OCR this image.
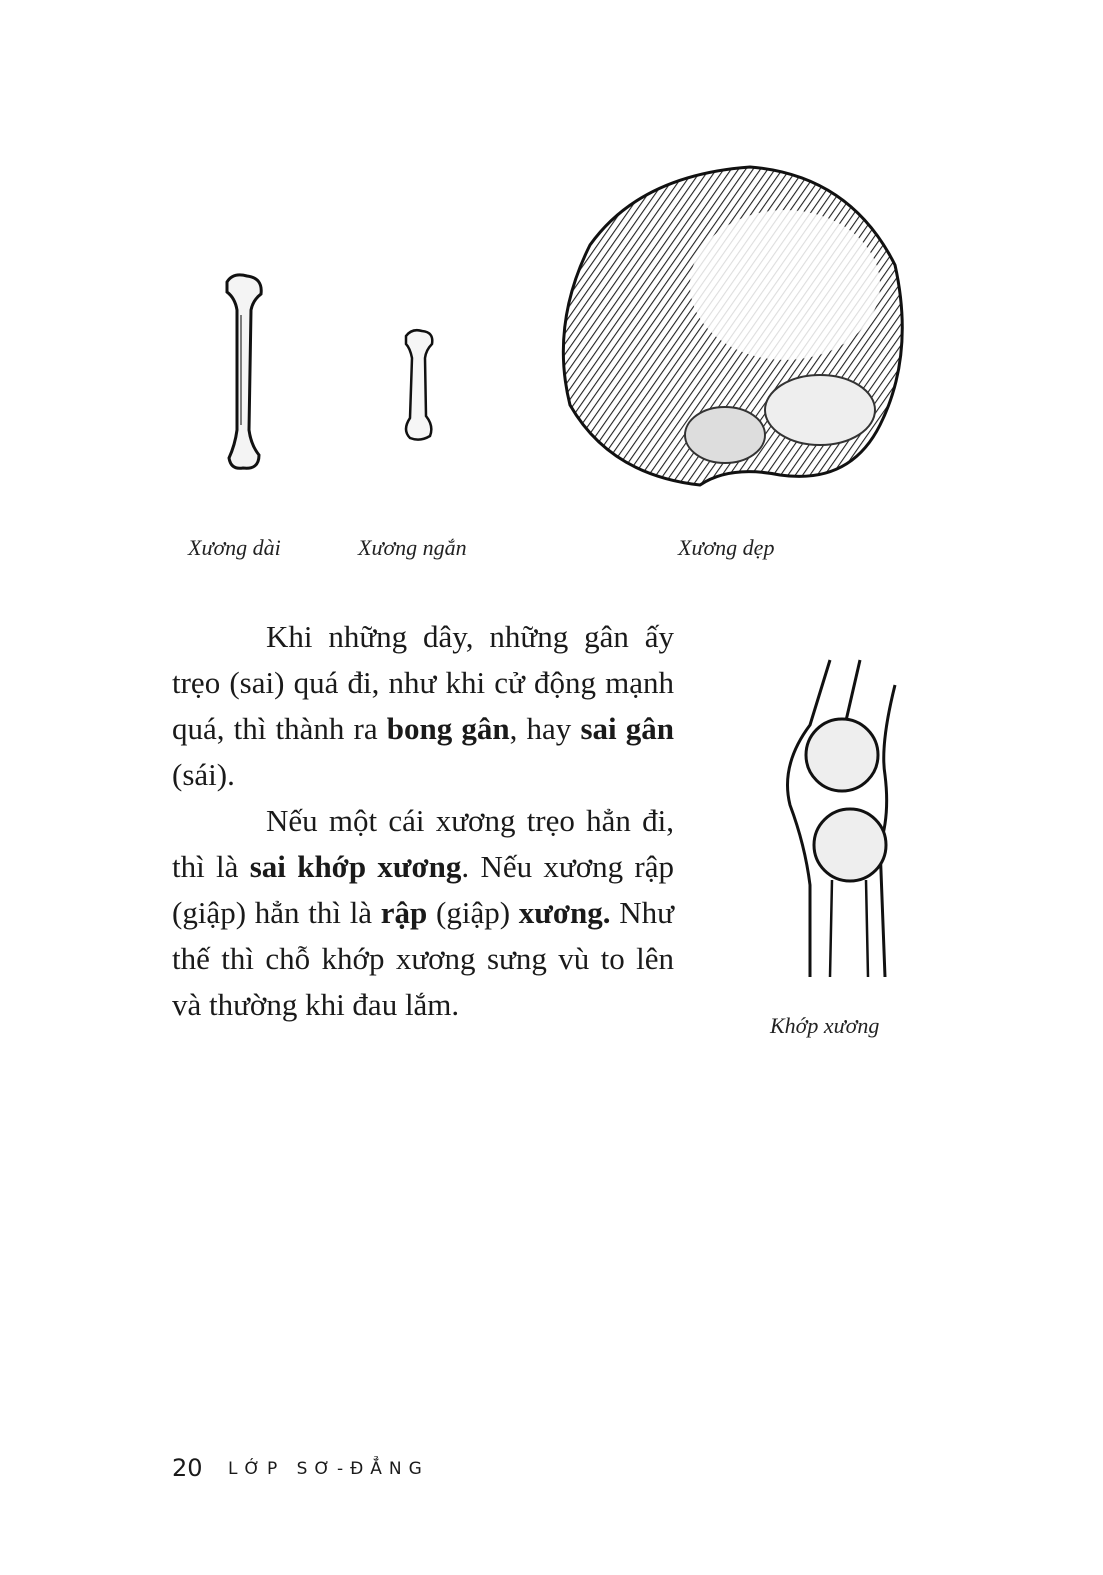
Xương dài	Xương ngắn	Xương dẹp

Khi những dây, những gân ấy trẹo (sai) quá đi, như khi cử động mạnh quá, thì thành ra bong gân, hay sai gân (sái).

Nếu một cái xương trẹo hẳn đi, thì là sai khớp xương. Nếu xương rập (giập) hẳn thì là rập (giập) xương. Như thế thì chỗ khớp xương sưng vù to lên và thường khi đau lắm.

Khớp xương
20 LỚP SƠ-ĐẲNG
